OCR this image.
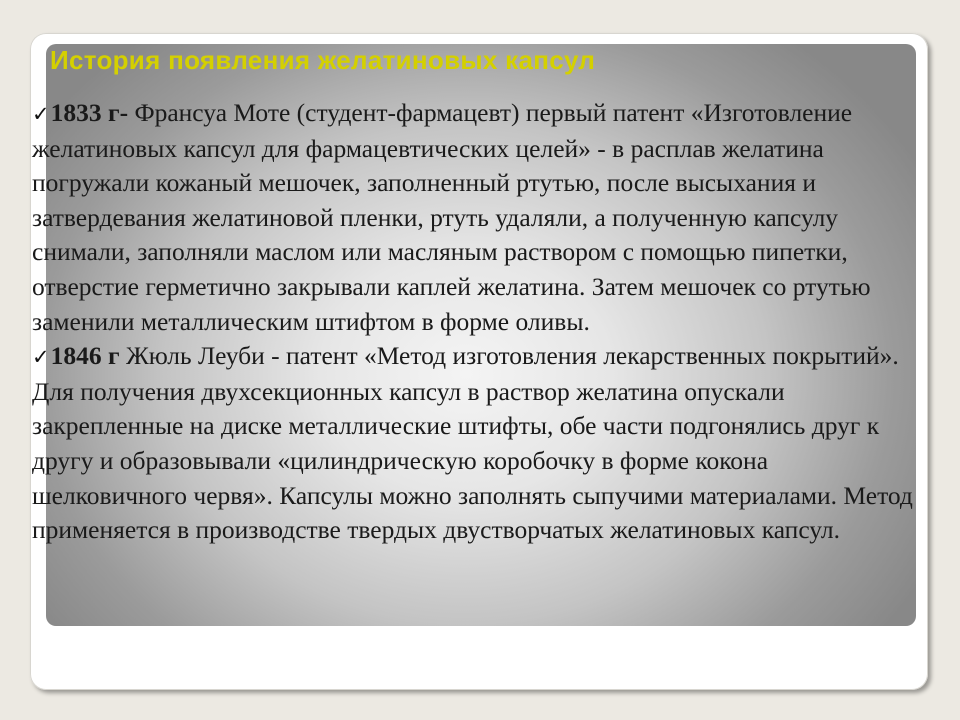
История появления желатиновых капсул

✓1833 г- Франсуа Моте (студент-фармацевт) первый патент «Изготовление желатиновых капсул для фармацевтических целей» - в расплав желатина погружали кожаный мешочек, заполненный ртутью, после высыхания и затвердевания желатиновой пленки, ртуть удаляли, а полученную капсулу снимали, заполняли маслом или масляным раствором с помощью пипетки, отверстие герметично закрывали каплей желатина. Затем мешочек со ртутью заменили металлическим штифтом в форме оливы.

✓1846 г Жюль Леуби - патент «Метод изготовления лекарственных покрытий». Для получения двухсекционных капсул в раствор желатина опускали закрепленные на диске металлические штифты, обе части подгонялись друг к другу и образовывали «цилиндрическую коробочку в форме кокона шелковичного червя». Капсулы можно заполнять сыпучими материалами. Метод применяется в производстве твердых двустворчатых желатиновых капсул.
